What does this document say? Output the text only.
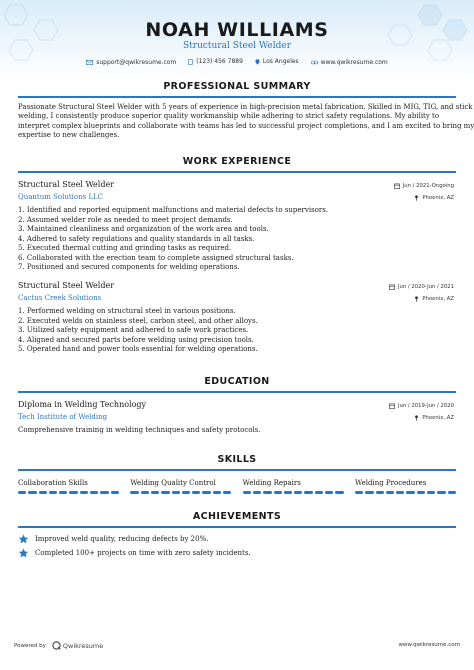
NOAH WILLIAMS
Structural Steel Welder
support@qwikresume.com
	(123) 456 7889
	Los Angeles
	www.qwikresume.com
PROFESSIONAL SUMMARY
Passionate Structural Steel Welder with 5 years of experience in high-precision metal fabrication. Skilled in MIG, TIG, and stick
welding, I consistently produce superior quality workmanship while adhering to strict safety regulations. My ability to
interpret complex blueprints and collaborate with teams has led to successful project completions, and I am excited to bring my
expertise to new challenges.
WORK EXPERIENCE
Structural Steel Welder
Quantum Solutions LLC
Jun / 2021-Ongoing
Phoenix, AZ
1. Identified and reported equipment malfunctions and material defects to supervisors.
2. Assumed welder role as needed to meet project demands.
3. Maintained cleanliness and organization of the work area and tools.
4. Adhered to safety regulations and quality standards in all tasks.
5. Executed thermal cutting and grinding tasks as required.
6. Collaborated with the erection team to complete assigned structural tasks.
7. Positioned and secured components for welding operations.
Structural Steel Welder
Cactus Creek Solutions
Jun / 2020-Jun / 2021
Phoenix, AZ
1. Performed welding on structural steel in various positions.
2. Executed welds on stainless steel, carbon steel, and other alloys.
3. Utilized safety equipment and adhered to safe work practices.
4. Aligned and secured parts before welding using precision tools.
5. Operated hand and power tools essential for welding operations.
EDUCATION
Diploma in Welding Technology
Tech Institute of Welding
Jun / 2019-Jun / 2020
Phoenix, AZ
Comprehensive training in welding techniques and safety protocols.
SKILLS
Collaboration Skills	Welding Quality Control	Welding Repairs	Welding Procedures
ACHIEVEMENTS
Improved weld quality, reducing defects by 20%.
Completed 100+ projects on time with zero safety incidents.
Powered by	Qwikresume	www.qwikresume.com
